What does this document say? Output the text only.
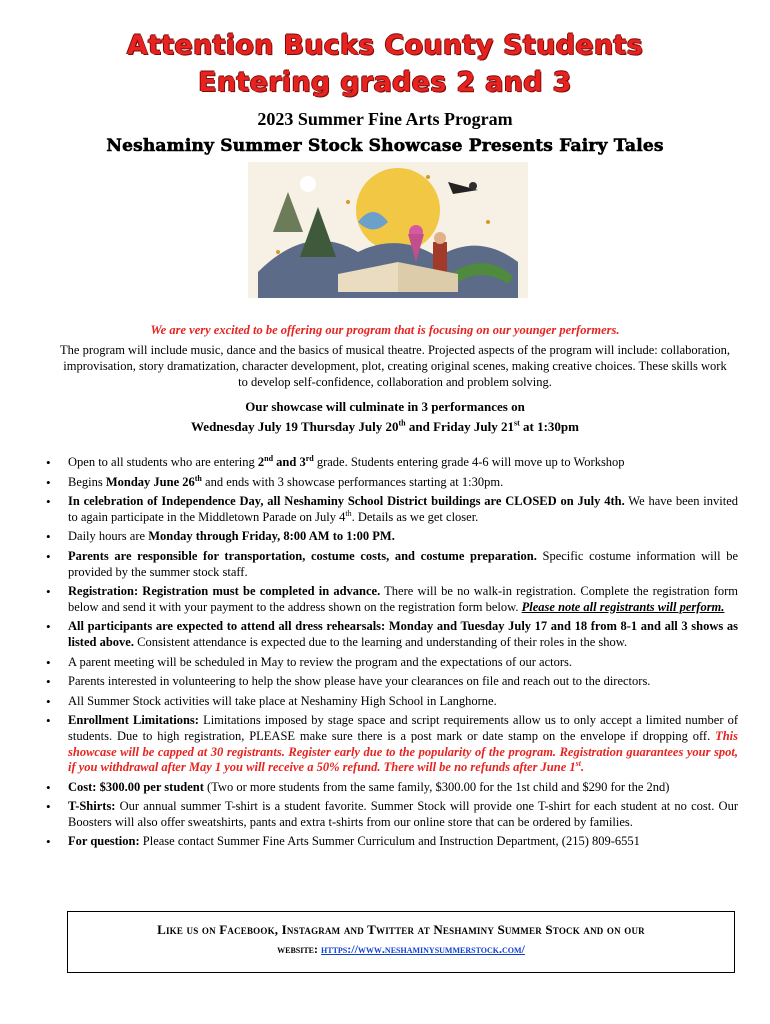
Attention Bucks County Students
Entering grades 2 and 3
2023 Summer Fine Arts Program
Neshaminy Summer Stock Showcase Presents Fairy Tales
We are very excited to be offering our program that is focusing on our younger performers.
The program will include music, dance and the basics of musical theatre. Projected aspects of the program will include: collaboration, improvisation, story dramatization, character development, plot, creating original scenes, making creative choices. These skills work to develop self-confidence, collaboration and problem solving.
Our showcase will culminate in 3 performances on
Wednesday July 19 Thursday July 20th and Friday July 21st at 1:30pm
• Open to all students who are entering 2nd and 3rd grade. Students entering grade 4-6 will move up to Workshop
• Begins Monday June 26th and ends with 3 showcase performances starting at 1:30pm.
• In celebration of Independence Day, all Neshaminy School District buildings are CLOSED on July 4th. We have been invited to again participate in the Middletown Parade on July 4th. Details as we get closer.
• Daily hours are Monday through Friday, 8:00 AM to 1:00 PM.
• Parents are responsible for transportation, costume costs, and costume preparation. Specific costume information will be provided by the summer stock staff.
• Registration: Registration must be completed in advance. There will be no walk-in registration. Complete the registration form below and send it with your payment to the address shown on the registration form below. Please note all registrants will perform.
• All participants are expected to attend all dress rehearsals: Monday and Tuesday July 17 and 18 from 8-1 and all 3 shows as listed above. Consistent attendance is expected due to the learning and understanding of their roles in the show.
• A parent meeting will be scheduled in May to review the program and the expectations of our actors.
• Parents interested in volunteering to help the show please have your clearances on file and reach out to the directors.
• All Summer Stock activities will take place at Neshaminy High School in Langhorne.
• Enrollment Limitations: Limitations imposed by stage space and script requirements allow us to only accept a limited number of students. Due to high registration, PLEASE make sure there is a post mark or date stamp on the envelope if dropping off. This showcase will be capped at 30 registrants. Register early due to the popularity of the program. Registration guarantees your spot, if you withdrawal after May 1 you will receive a 50% refund. There will be no refunds after June 1st.
• Cost: $300.00 per student (Two or more students from the same family, $300.00 for the 1st child and $290 for the 2nd)
• T-Shirts: Our annual summer T-shirt is a student favorite. Summer Stock will provide one T-shirt for each student at no cost. Our Boosters will also offer sweatshirts, pants and extra t-shirts from our online store that can be ordered by families.
• For question: Please contact Summer Fine Arts Summer Curriculum and Instruction Department, (215) 809-6551
Like us on Facebook, Instagram and Twitter at Neshaminy Summer Stock and on our
website: https://www.neshaminysummerstock.com/
